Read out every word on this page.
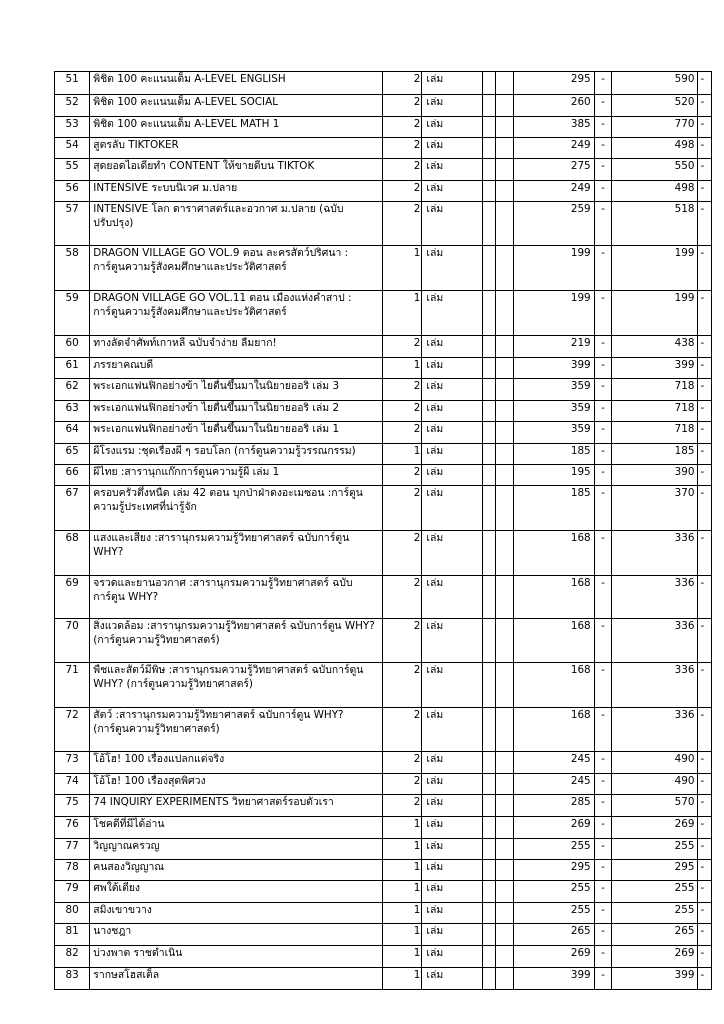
51	พิชิต 100 คะแนนเต็ม A-LEVEL ENGLISH	2	เล่ม			295	-	590	-
52	พิชิต 100 คะแนนเต็ม A-LEVEL SOCIAL	2	เล่ม			260	-	520	-
53	พิชิต 100 คะแนนเต็ม A-LEVEL MATH 1	2	เล่ม			385	-	770	-
54	สูตรลับ TIKTOKER	2	เล่ม			249	-	498	-
55	สุดยอดไอเดียทำ CONTENT ให้ขายดีบน TIKTOK	2	เล่ม			275	-	550	-
56	INTENSIVE ระบบนิเวศ ม.ปลาย	2	เล่ม			249	-	498	-
57	INTENSIVE โลก ดาราศาสตร์และอวกาศ ม.ปลาย (ฉบับปรับปรุง)	2	เล่ม			259	-	518	-
58	DRAGON VILLAGE GO VOL.9 ตอน ละครสัตว์ปริศนา : การ์ตูนความรู้สังคมศึกษาและประวัติศาสตร์	1	เล่ม			199	-	199	-
59	DRAGON VILLAGE GO VOL.11 ตอน เมืองแห่งคำสาป : การ์ตูนความรู้สังคมศึกษาและประวัติศาสตร์	1	เล่ม			199	-	199	-
60	ทางลัดจำศัพท์เกาหลี ฉบับจำง่าย ลืมยาก!	2	เล่ม			219	-	438	-
61	ภรรยาคณบดี	1	เล่ม			399	-	399	-
62	พระเอกแฟนฟิกอย่างข้า ไยตื่นขึ้นมาในนิยายออริ เล่ม 3	2	เล่ม			359	-	718	-
63	พระเอกแฟนฟิกอย่างข้า ไยตื่นขึ้นมาในนิยายออริ เล่ม 2	2	เล่ม			359	-	718	-
64	พระเอกแฟนฟิกอย่างข้า ไยตื่นขึ้นมาในนิยายออริ เล่ม 1	2	เล่ม			359	-	718	-
65	ผีโรงแรม :ชุดเรื่องผี ๆ รอบโลก (การ์ตูนความรู้วรรณกรรม)	1	เล่ม			185	-	185	-
66	ผีไทย :สารานุกแก๊กการ์ตูนความรู้ผี เล่ม 1	2	เล่ม			195	-	390	-
67	ครอบครัวตึ๋งหนืด เล่ม 42 ตอน บุกป่าฝ่าดงอะเมซอน :การ์ตูนความรู้ประเทศที่น่ารู้จัก	2	เล่ม			185	-	370	-
68	แสงและเสียง :สารานุกรมความรู้วิทยาศาสตร์ ฉบับการ์ตูน WHY?	2	เล่ม			168	-	336	-
69	จรวดและยานอวกาศ :สารานุกรมความรู้วิทยาศาสตร์ ฉบับการ์ตูน WHY?	2	เล่ม			168	-	336	-
70	สิ่งแวดล้อม :สารานุกรมความรู้วิทยาศาสตร์ ฉบับการ์ตูน WHY? (การ์ตูนความรู้วิทยาศาสตร์)	2	เล่ม			168	-	336	-
71	พืชและสัตว์มีพิษ :สารานุกรมความรู้วิทยาศาสตร์ ฉบับการ์ตูน WHY? (การ์ตูนความรู้วิทยาศาสตร์)	2	เล่ม			168	-	336	-
72	สัตว์ :สารานุกรมความรู้วิทยาศาสตร์ ฉบับการ์ตูน WHY? (การ์ตูนความรู้วิทยาศาสตร์)	2	เล่ม			168	-	336	-
73	โอ้โฮ! 100 เรื่องแปลกแต่จริง	2	เล่ม			245	-	490	-
74	โอ้โฮ! 100 เรื่องสุดพิศวง	2	เล่ม			245	-	490	-
75	74 INQUIRY EXPERIMENTS วิทยาศาสตร์รอบตัวเรา	2	เล่ม			285	-	570	-
76	โชคดีที่มีได้อ่าน	1	เล่ม			269	-	269	-
77	วิญญาณครวญ	1	เล่ม			255	-	255	-
78	คนสองวิญญาณ	1	เล่ม			295	-	295	-
79	ศพใต้เตียง	1	เล่ม			255	-	255	-
80	สมิงเขาขวาง	1	เล่ม			255	-	255	-
81	นางชฎา	1	เล่ม			265	-	265	-
82	บ่วงพาต ราชดำเนิน	1	เล่ม			269	-	269	-
83	รากษสโฮสเต็ล	1	เล่ม			399	-	399	-
